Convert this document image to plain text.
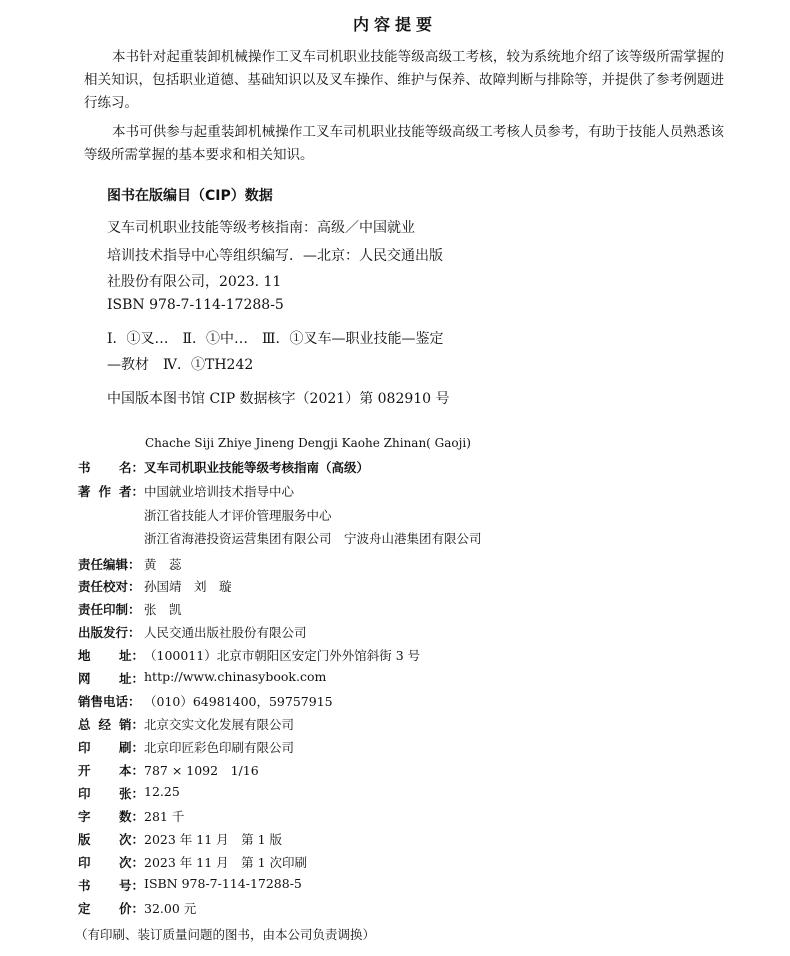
内容提要

本书针对起重装卸机械操作工叉车司机职业技能等级高级工考核，较为系统地介绍了该等级所需掌握的相关知识，包括职业道德、基础知识以及叉车操作、维护与保养、故障判断与排除等，并提供了参考例题进行练习。

本书可供参与起重装卸机械操作工叉车司机职业技能等级高级工考核人员参考，有助于技能人员熟悉该等级所需掌握的基本要求和相关知识。

图书在版编目（CIP）数据
叉车司机职业技能等级考核指南：高级／中国就业
培训技术指导中心等组织编写．—北京：人民交通出版
社股份有限公司，2023. 11
ISBN 978-7-114-17288-5
Ⅰ．①叉…　Ⅱ．①中…　Ⅲ．①叉车—职业技能—鉴定
—教材　Ⅳ．①TH242
中国版本图书馆 CIP 数据核字（2021）第 082910 号
Chache Siji Zhiye Jineng Dengji Kaohe Zhinan( Gaoji)
书 名： 叉车司机职业技能等级考核指南（高级）
著 作 者： 中国就业培训技术指导中心
浙江省技能人才评价管理服务中心
浙江省海港投资运营集团有限公司　宁波舟山港集团有限公司
责任编辑： 黄　蕊
责任校对： 孙国靖　刘　璇
责任印制： 张　凯
出版发行： 人民交通出版社股份有限公司
地 址： （100011）北京市朝阳区安定门外外馆斜街 3 号
网 址： http://www.chinasybook.com
销售电话： （010）64981400，59757915
总 经 销： 北京交实文化发展有限公司
印 刷： 北京印匠彩色印刷有限公司
开 本： 787 × 1092　1/16
印 张： 12.25
字 数： 281 千
版 次： 2023 年 11 月　第 1 版
印 次： 2023 年 11 月　第 1 次印刷
书 号： ISBN 978-7-114-17288-5
定 价： 32.00 元
（有印刷、装订质量问题的图书，由本公司负责调换）
